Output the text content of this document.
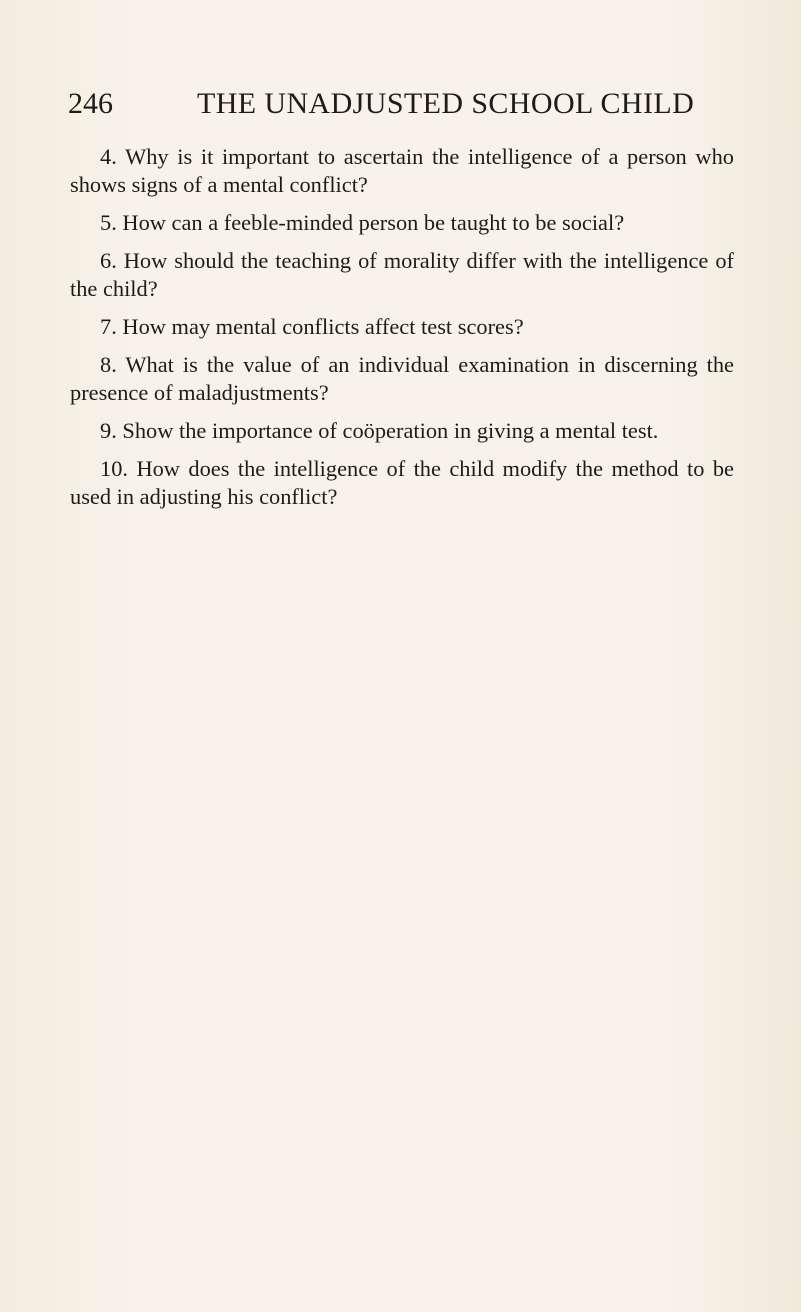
246	THE UNADJUSTED SCHOOL CHILD

4. Why is it important to ascertain the intelligence of a person who shows signs of a mental conflict?

5. How can a feeble-minded person be taught to be social?

6. How should the teaching of morality differ with the intelligence of the child?

7. How may mental conflicts affect test scores?

8. What is the value of an individual examination in discerning the presence of maladjustments?

9. Show the importance of coöperation in giving a mental test.

10. How does the intelligence of the child modify the method to be used in adjusting his conflict?
